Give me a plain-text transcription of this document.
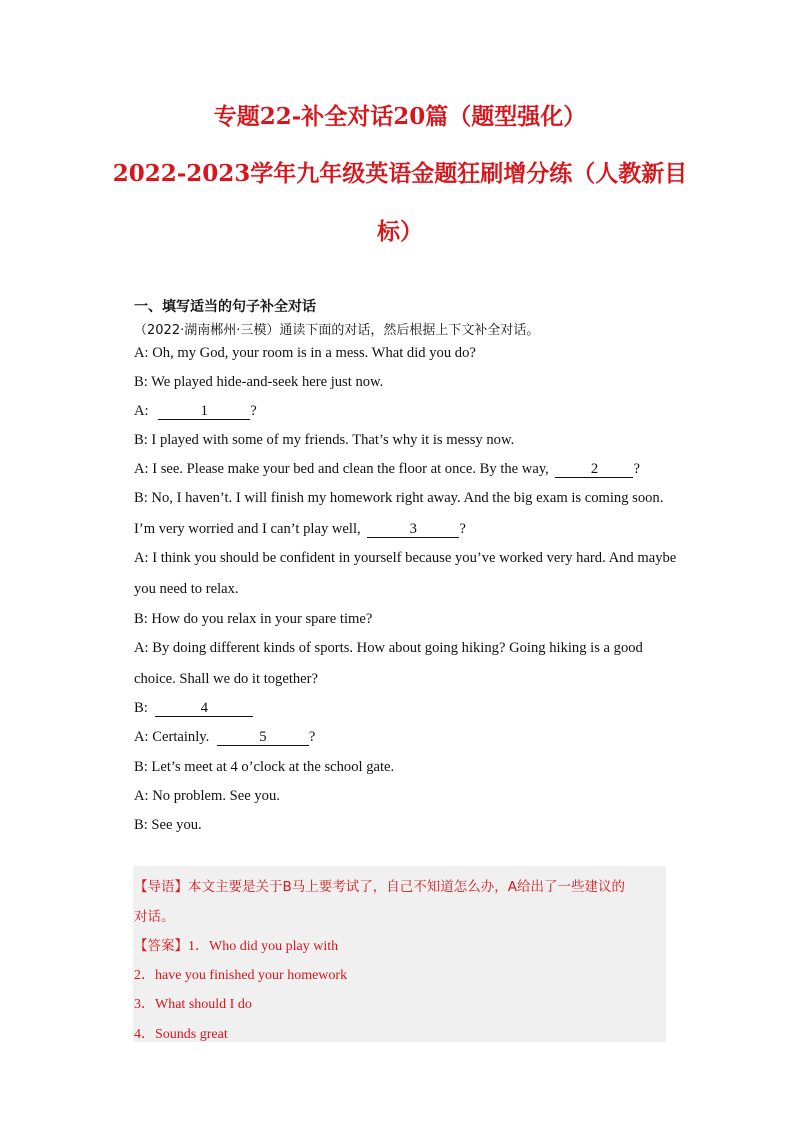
专题22-补全对话20篇（题型强化）
2022-2023学年九年级英语金题狂刷增分练（人教新目
标）
一、填写适当的句子补全对话
（2022·湖南郴州·三模）通读下面的对话，然后根据上下文补全对话。
A: Oh, my God, your room is in a mess. What did you do?
B: We played hide-and-seek here just now.
A:	1	?
B: I played with some of my friends. That’s why it is messy now.
A: I see. Please make your bed and clean the floor at once. By the way,	2 ?
B: No, I haven’t. I will finish my homework right away. And the big exam is coming soon.
I’m very worried and I can’t play well,	3	?
A: I think you should be confident in yourself because you’ve worked very hard. And maybe
you need to relax.
B: How do you relax in your spare time?
A: By doing different kinds of sports. How about going hiking? Going hiking is a good
choice. Shall we do it together?
B:	4
A: Certainly.	5	?
B: Let’s meet at 4 o’clock at the school gate.
A: No problem. See you.
B: See you.
【导语】本文主要是关于B马上要考试了，自己不知道怎么办，A给出了一些建议的
对话。
【答案】1．Who did you play with
2．have you finished your homework
3．What should I do
4．Sounds great
